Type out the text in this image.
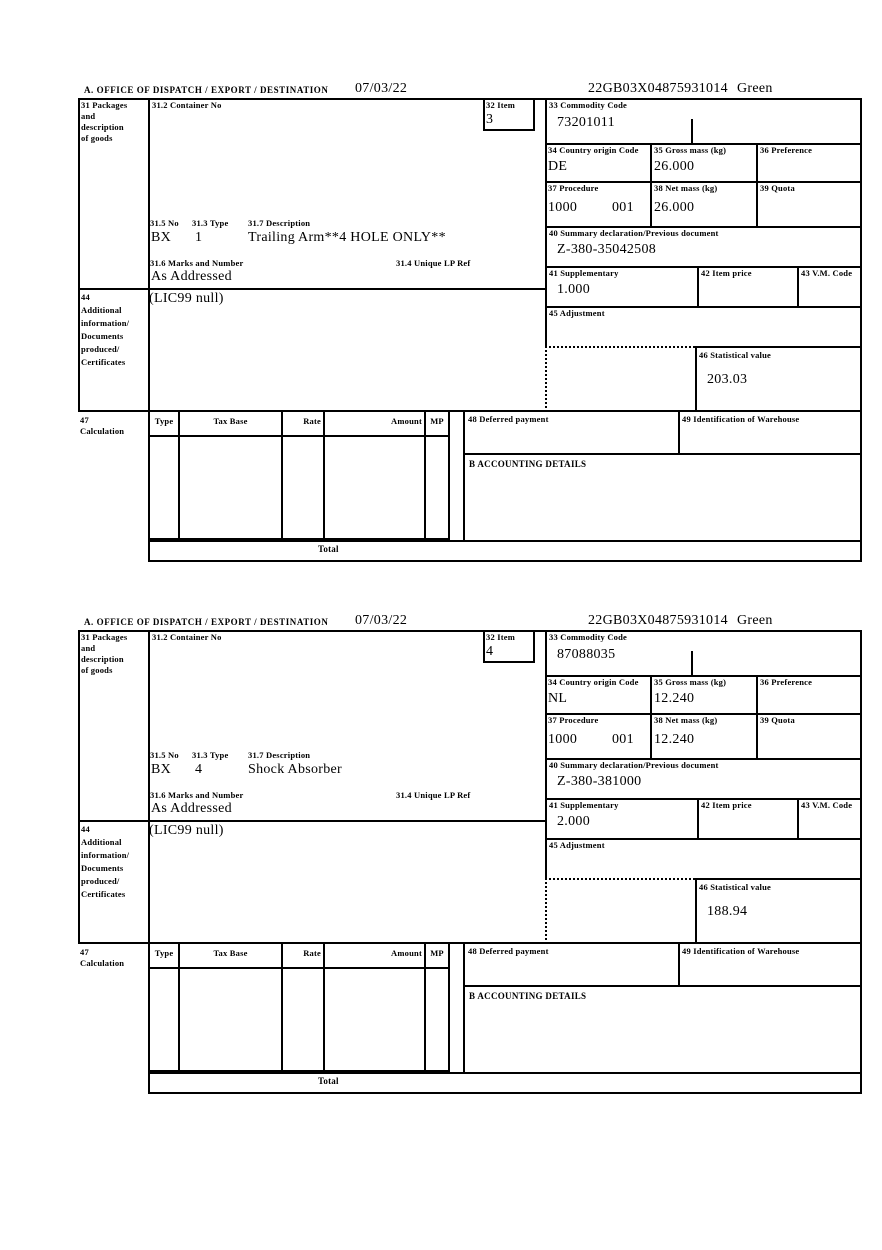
A. OFFICE OF DISPATCH / EXPORT / DESTINATION 07/03/22	22GB03X04875931014 Green
31 Packages
and
description
of goods
44
Additional
information/
Documents
produced/
Certificates
31.2 Container No	32 Item
3
31.5 No 31.3 Type 31.7 Description
BX 1	Trailing Arm**4 HOLE ONLY**
31.6 Marks and Number	31.4 Unique LP Ref
As Addressed
(LIC99 null)
33 Commodity Code
73201011
34 Country origin Code
DE
35 Gross mass (kg)
26.000
36 Preference
37 Procedure
1000 001
38 Net mass (kg)
26.000
39 Quota
40 Summary declaration/Previous document
Z-380-35042508
41 Supplementary
1.000
42 Item price	43 V.M. Code
45 Adjustment
46 Statistical value
203.03
47
Calculation
Type	Tax Base	Rate	Amount MP	48 Deferred payment	49 Identification of Warehouse
B ACCOUNTING DETAILS
Total
A. OFFICE OF DISPATCH / EXPORT / DESTINATION 07/03/22	22GB03X04875931014 Green
31 Packages
and
description
of goods
44
Additional
information/
Documents
produced/
Certificates
31.2 Container No	32 Item
4
31.5 No 31.3 Type 31.7 Description
BX 4	Shock Absorber
31.6 Marks and Number	31.4 Unique LP Ref
As Addressed
(LIC99 null)
33 Commodity Code
87088035
34 Country origin Code
NL
35 Gross mass (kg)
12.240
36 Preference
37 Procedure
1000 001
38 Net mass (kg)
12.240
39 Quota
40 Summary declaration/Previous document
Z-380-381000
41 Supplementary
2.000
42 Item price	43 V.M. Code
45 Adjustment
46 Statistical value
188.94
47
Calculation
Type	Tax Base	Rate	Amount MP	48 Deferred payment	49 Identification of Warehouse
B ACCOUNTING DETAILS
Total
